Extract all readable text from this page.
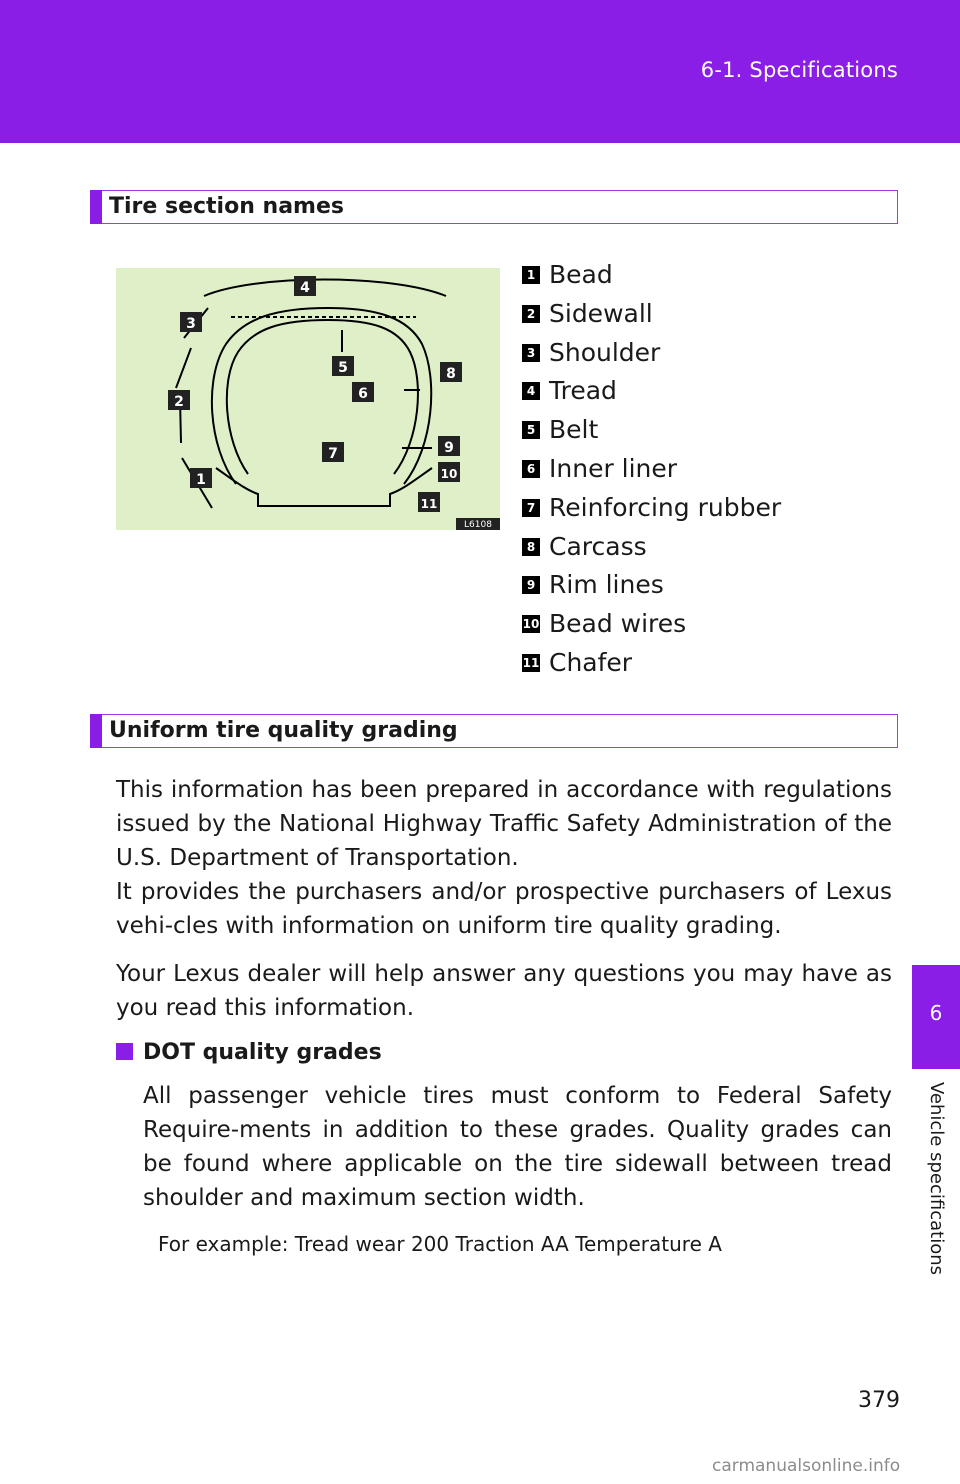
6-1. Specifications
Tire section names
4
3
5
6
8
2
7	9
1	10
11
L6108
1 Bead
2 Sidewall
3 Shoulder
4 Tread
5 Belt
6 Inner liner
7 Reinforcing rubber
8 Carcass
9 Rim lines
10 Bead wires
11 Chafer
Uniform tire quality grading
This information has been prepared in accordance with regulations issued by the National Highway Traffic Safety Administration of the U.S. Department of Transportation.
It provides the purchasers and/or prospective purchasers of Lexus vehi-cles with information on uniform tire quality grading.
Your Lexus dealer will help answer any questions you may have as you read this information.
DOT quality grades
All passenger vehicle tires must conform to Federal Safety Require-ments in addition to these grades. Quality grades can be found where applicable on the tire sidewall between tread shoulder and maximum section width.
For example: Tread wear 200 Traction AA Temperature A
6
Vehicle specifications
379
carmanualsonline.info
